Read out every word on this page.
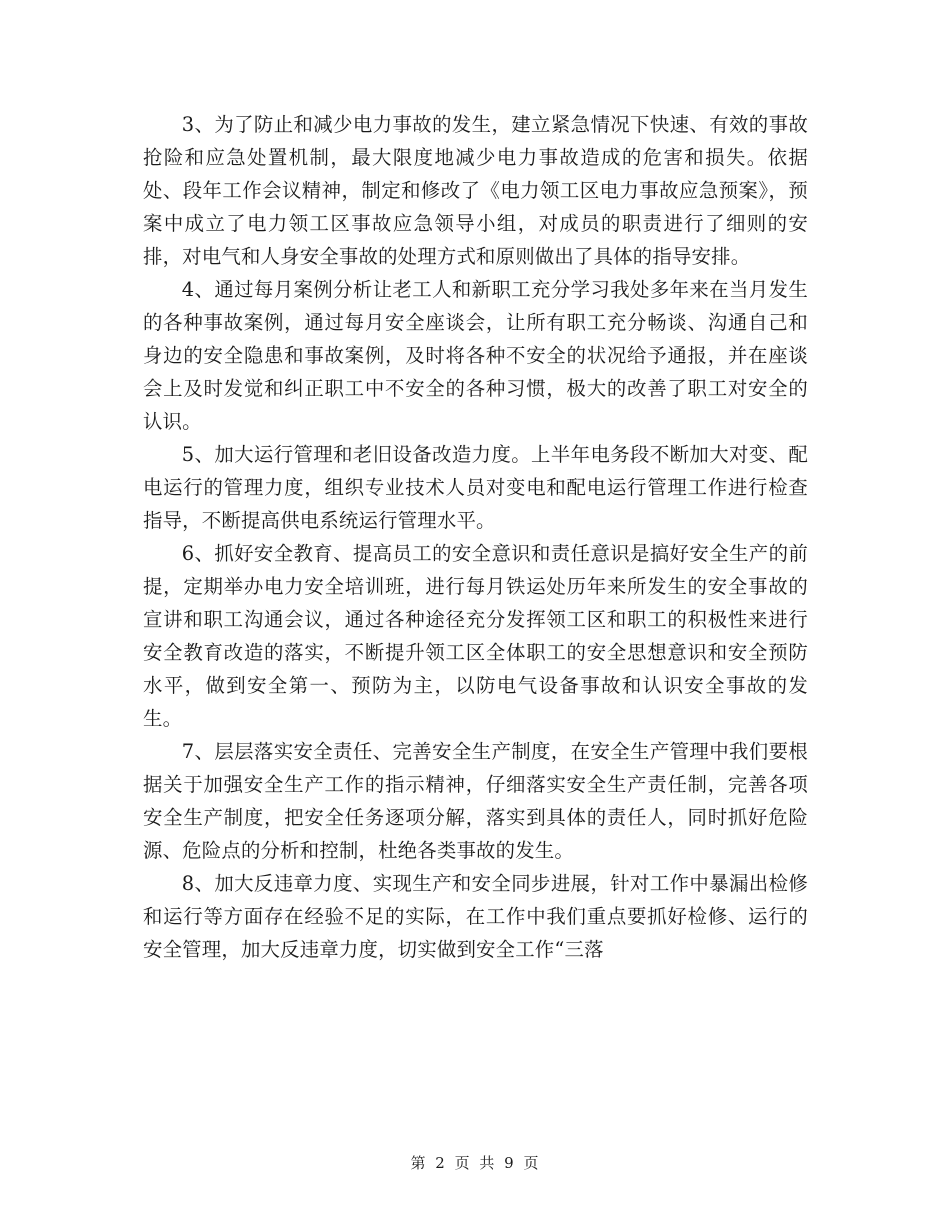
3、为了防止和减少电力事故的发生，建立紧急情况下快速、有效的事故抢险和应急处置机制，最大限度地减少电力事故造成的危害和损失。依据处、段年工作会议精神，制定和修改了《电力领工区电力事故应急预案》，预案中成立了电力领工区事故应急领导小组，对成员的职责进行了细则的安排，对电气和人身安全事故的处理方式和原则做出了具体的指导安排。

4、通过每月案例分析让老工人和新职工充分学习我处多年来在当月发生的各种事故案例，通过每月安全座谈会，让所有职工充分畅谈、沟通自己和身边的安全隐患和事故案例，及时将各种不安全的状况给予通报，并在座谈会上及时发觉和纠正职工中不安全的各种习惯，极大的改善了职工对安全的认识。

5、加大运行管理和老旧设备改造力度。上半年电务段不断加大对变、配电运行的管理力度，组织专业技术人员对变电和配电运行管理工作进行检查指导，不断提高供电系统运行管理水平。

6、抓好安全教育、提高员工的安全意识和责任意识是搞好安全生产的前提，定期举办电力安全培训班，进行每月铁运处历年来所发生的安全事故的宣讲和职工沟通会议，通过各种途径充分发挥领工区和职工的积极性来进行安全教育改造的落实，不断提升领工区全体职工的安全思想意识和安全预防水平，做到安全第一、预防为主，以防电气设备事故和认识安全事故的发生。

7、层层落实安全责任、完善安全生产制度，在安全生产管理中我们要根据关于加强安全生产工作的指示精神，仔细落实安全生产责任制，完善各项安全生产制度，把安全任务逐项分解，落实到具体的责任人，同时抓好危险源、危险点的分析和控制，杜绝各类事故的发生。

8、加大反违章力度、实现生产和安全同步进展，针对工作中暴漏出检修和运行等方面存在经验不足的实际，在工作中我们重点要抓好检修、运行的安全管理，加大反违章力度，切实做到安全工作“三落

第 2 页 共 9 页
